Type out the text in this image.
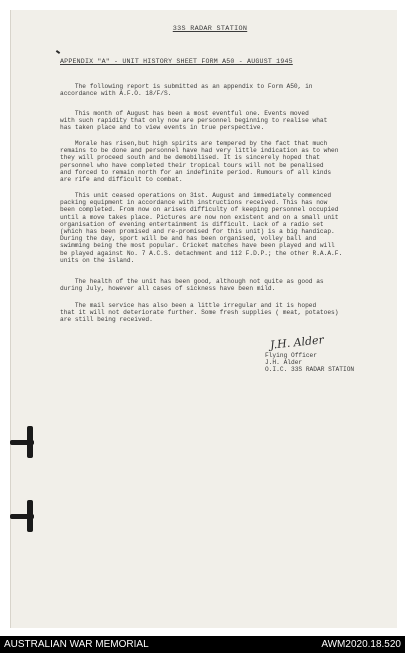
33S RADAR STATION
APPENDIX "A" - UNIT HISTORY SHEET FORM A50 - AUGUST 1945
The following report is submitted as an appendix to Form A50, in
accordance with A.F.O. 18/F/S.
This month of August has been a most eventful one. Events moved
with such rapidity that only now are personnel beginning to realise what
has taken place and to view events in true perspective.
Morale has risen,but high spirits are tempered by the fact that much
remains to be done and personnel have had very little indication as to when
they will proceed south and be demobilised. It is sincerely hoped that
personnel who have completed their tropical tours will not be penalised
and forced to remain north for an indefinite period. Rumours of all kinds
are rife and difficult to combat.
This unit ceased operations on 31st. August and immediately commenced
packing equipment in accordance with instructions received. This has now
been completed. From now on arises difficulty of keeping personnel occupied
until a move takes place. Pictures are now non existent and on a small unit
organisation of evening entertainment is difficult. Lack of a radio set
(which has been promised and re-promised for this unit) is a big handicap.
During the day, sport will be and has been organised, volley ball and
swimming being the most popular. Cricket matches have been played and will
be played against No. 7 A.C.S. detachment and 112 F.D.P.; the other R.A.A.F.
units on the island.
The health of the unit has been good, although not quite as good as
during July, however all cases of sickness have been mild.
The mail service has also been a little irregular and it is hoped
that it will not deteriorate further. Some fresh supplies ( meat, potatoes)
are still being received.
J.H. Alder
Flying Officer
J.H. Alder
O.I.C. 33S RADAR STATION
AUSTRALIAN WAR MEMORIAL	AWM2020.18.520
